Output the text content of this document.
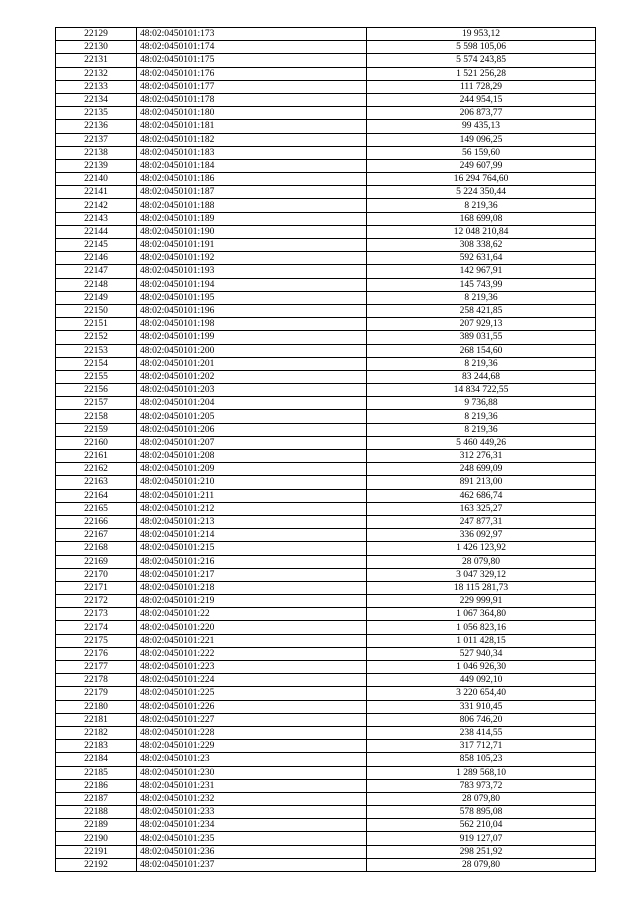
22129	48:02:0450101:173	19 953,12
22130	48:02:0450101:174	5 598 105,06
22131	48:02:0450101:175	5 574 243,85
22132	48:02:0450101:176	1 521 256,28
22133	48:02:0450101:177	111 728,29
22134	48:02:0450101:178	244 954,15
22135	48:02:0450101:180	206 873,77
22136	48:02:0450101:181	99 435,13
22137	48:02:0450101:182	149 096,25
22138	48:02:0450101:183	56 159,60
22139	48:02:0450101:184	249 607,99
22140	48:02:0450101:186	16 294 764,60
22141	48:02:0450101:187	5 224 350,44
22142	48:02:0450101:188	8 219,36
22143	48:02:0450101:189	168 699,08
22144	48:02:0450101:190	12 048 210,84
22145	48:02:0450101:191	308 338,62
22146	48:02:0450101:192	592 631,64
22147	48:02:0450101:193	142 967,91
22148	48:02:0450101:194	145 743,99
22149	48:02:0450101:195	8 219,36
22150	48:02:0450101:196	258 421,85
22151	48:02:0450101:198	207 929,13
22152	48:02:0450101:199	389 031,55
22153	48:02:0450101:200	268 154,60
22154	48:02:0450101:201	8 219,36
22155	48:02:0450101:202	83 244,68
22156	48:02:0450101:203	14 834 722,55
22157	48:02:0450101:204	9 736,88
22158	48:02:0450101:205	8 219,36
22159	48:02:0450101:206	8 219,36
22160	48:02:0450101:207	5 460 449,26
22161	48:02:0450101:208	312 276,31
22162	48:02:0450101:209	248 699,09
22163	48:02:0450101:210	891 213,00
22164	48:02:0450101:211	462 686,74
22165	48:02:0450101:212	163 325,27
22166	48:02:0450101:213	247 877,31
22167	48:02:0450101:214	336 092,97
22168	48:02:0450101:215	1 426 123,92
22169	48:02:0450101:216	28 079,80
22170	48:02:0450101:217	3 047 329,12
22171	48:02:0450101:218	18 115 281,73
22172	48:02:0450101:219	229 999,91
22173	48:02:0450101:22	1 067 364,80
22174	48:02:0450101:220	1 056 823,16
22175	48:02:0450101:221	1 011 428,15
22176	48:02:0450101:222	527 940,34
22177	48:02:0450101:223	1 046 926,30
22178	48:02:0450101:224	449 092,10
22179	48:02:0450101:225	3 220 654,40
22180	48:02:0450101:226	331 910,45
22181	48:02:0450101:227	806 746,20
22182	48:02:0450101:228	238 414,55
22183	48:02:0450101:229	317 712,71
22184	48:02:0450101:23	858 105,23
22185	48:02:0450101:230	1 289 568,10
22186	48:02:0450101:231	783 973,72
22187	48:02:0450101:232	28 079,80
22188	48:02:0450101:233	578 895,08
22189	48:02:0450101:234	562 210,04
22190	48:02:0450101:235	919 127,07
22191	48:02:0450101:236	298 251,92
22192	48:02:0450101:237	28 079,80
